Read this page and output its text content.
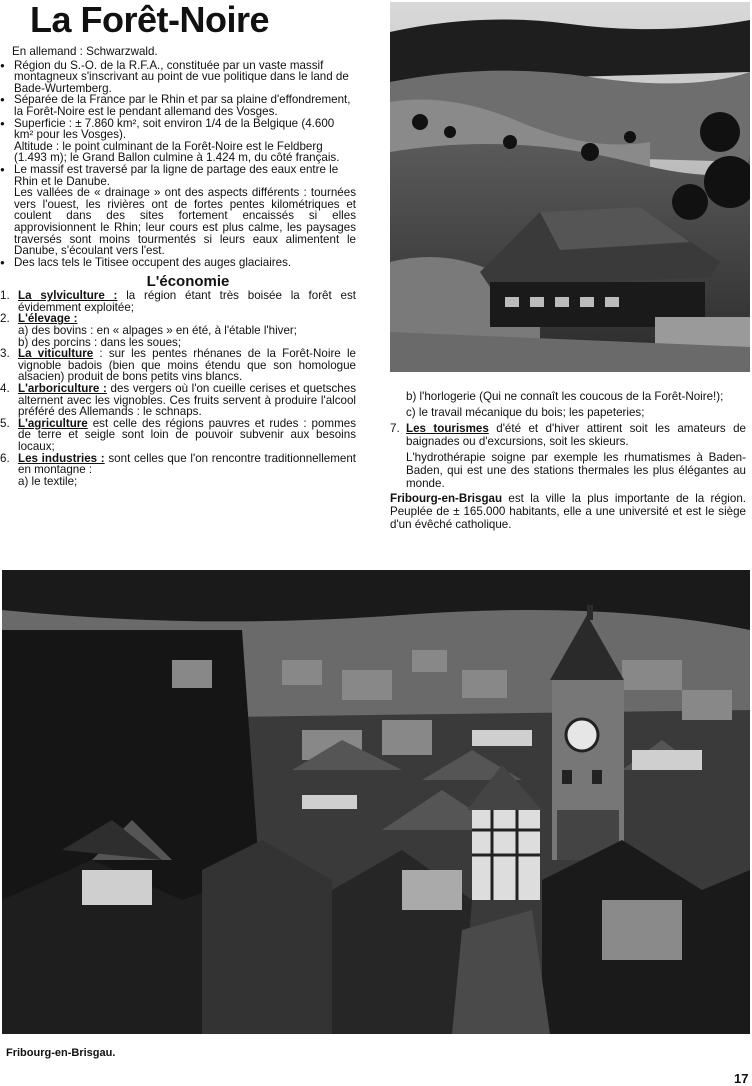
La Forêt-Noire

En allemand : Schwarzwald.

● Région du S.-O. de la R.F.A., constituée par un vaste massif montagneux s'inscrivant au point de vue politique dans le land de Bade-Wurtemberg.
● Séparée de la France par le Rhin et par sa plaine d'effondrement, la Forêt-Noire est le pendant allemand des Vosges.
● Superficie : ± 7.860 km², soit environ 1/4 de la Belgique (4.600 km² pour les Vosges).

Altitude : le point culminant de la Forêt-Noire est le Feldberg (1.493 m); le Grand Ballon culmine à 1.424 m, du côté français.

● Le massif est traversé par la ligne de partage des eaux entre le Rhin et le Danube.

Les vallées de « drainage » ont des aspects différents : tournées vers l'ouest, les rivières ont de fortes pentes kilométriques et coulent dans des sites fortement encaissés si elles approvisionnent le Rhin; leur cours est plus calme, les paysages traversés sont moins tourmentés si leurs eaux alimentent le Danube, s'écoulant vers l'est.

● Des lacs tels le Titisee occupent des auges glaciaires.
L'économie
1. La sylviculture : la région étant très boisée la forêt est évidemment exploitée;
2. L'élevage :

a) des bovins : en « alpages » en été, à l'étable l'hiver;

b) des porcins : dans les soues;

3. La viticulture : sur les pentes rhénanes de la Forêt-Noire le vignoble badois (bien que moins étendu que son homologue alsacien) produit de bons petits vins blancs.
4. L'arboriculture : des vergers où l'on cueille cerises et quetsches alternent avec les vignobles. Ces fruits servent à produire l'alcool préféré des Allemands : le schnaps.
5. L'agriculture est celle des régions pauvres et rudes : pommes de terre et seigle sont loin de pouvoir subvenir aux besoins locaux;
6. Les industries : sont celles que l'on rencontre traditionnellement en montagne :

a) le textile;

b) l'horlogerie (Qui ne connaît les coucous de la Forêt-Noire!);

c) le travail mécanique du bois; les papeteries;

7. Les tourismes d'été et d'hiver attirent soit les amateurs de baignades ou d'excursions, soit les skieurs.

L'hydrothérapie soigne par exemple les rhumatismes à Baden-Baden, qui est une des stations thermales les plus élégantes au monde.

Fribourg-en-Brisgau est la ville la plus importante de la région. Peuplée de ± 165.000 habitants, elle a une université et est le siège d'un évêché catholique.

Fribourg-en-Brisgau.
17
